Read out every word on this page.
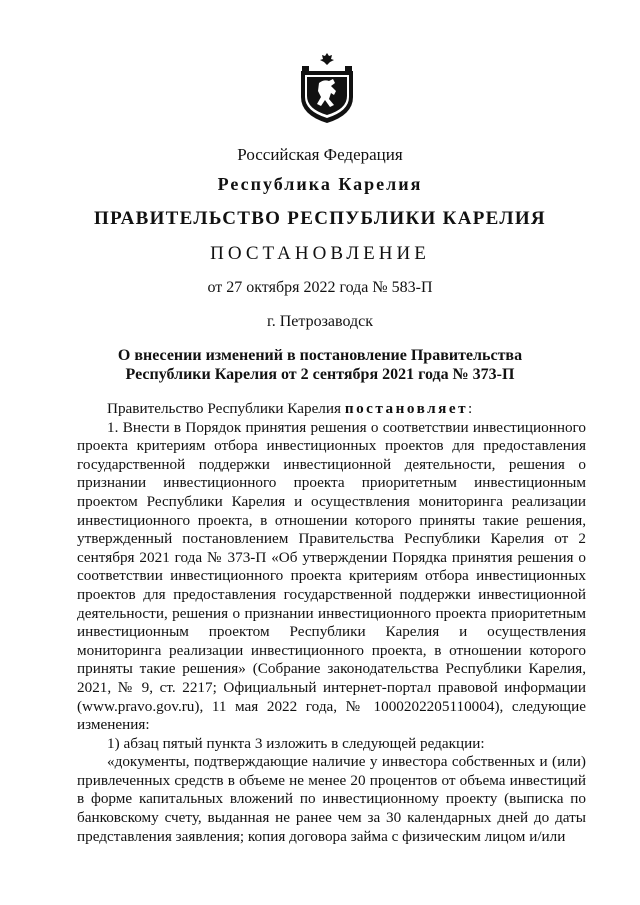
Российская Федерация
Республика Карелия
ПРАВИТЕЛЬСТВО РЕСПУБЛИКИ КАРЕЛИЯ
ПОСТАНОВЛЕНИЕ
от 27 октября 2022 года № 583-П
г. Петрозаводск
О внесении изменений в постановление Правительства
Республики Карелия от 2 сентября 2021 года № 373-П

Правительство Республики Карелия постановляет:

1. Внести в Порядок принятия решения о соответствии инвестиционного проекта критериям отбора инвестиционных проектов для предоставления государственной поддержки инвестиционной деятельности, решения о признании инвестиционного проекта приоритетным инвестиционным проектом Республики Карелия и осуществления мониторинга реализации инвестиционного проекта, в отношении которого приняты такие решения, утвержденный постановлением Правительства Республики Карелия от 2 сентября 2021 года № 373-П «Об утверждении Порядка принятия решения о соответствии инвестиционного проекта критериям отбора инвестиционных проектов для предоставления государственной поддержки инвестиционной деятельности, решения о признании инвестиционного проекта приоритетным инвестиционным проектом Республики Карелия и осуществления мониторинга реализации инвестиционного проекта, в отношении которого приняты такие решения» (Собрание законодательства Республики Карелия, 2021, № 9, ст. 2217; Официальный интернет-портал правовой информации (www.pravo.gov.ru), 11 мая 2022 года, № 1000202205110004), следующие изменения:

1) абзац пятый пункта 3 изложить в следующей редакции:

«документы, подтверждающие наличие у инвестора собственных и (или) привлеченных средств в объеме не менее 20 процентов от объема инвестиций в форме капитальных вложений по инвестиционному проекту (выписка по банковскому счету, выданная не ранее чем за 30 календарных дней до даты представления заявления; копия договора займа с физическим лицом и/или
